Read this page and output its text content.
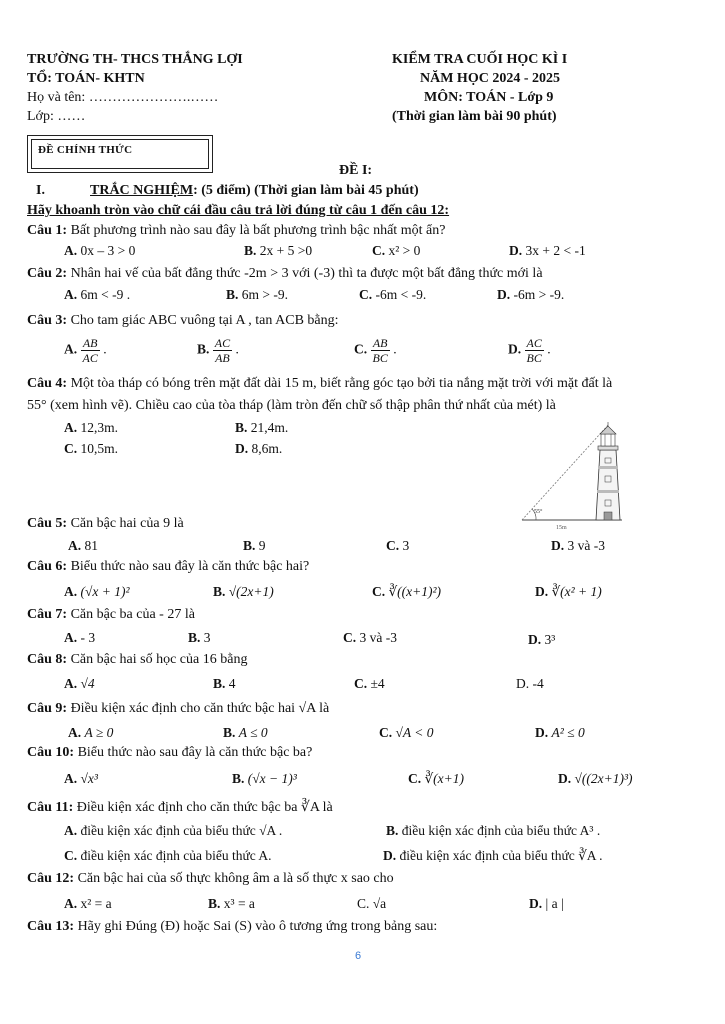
TRƯỜNG TH- THCS THẮNG LỢI
TỔ: TOÁN- KHTN
Họ và tên: ………………….……
Lớp: ……
KIỂM TRA CUỐI HỌC KÌ I
NĂM HỌC 2024 - 2025
MÔN: TOÁN - Lớp 9
(Thời gian làm bài 90 phút)
ĐỀ CHÍNH THỨC
ĐỀ I:
I.	TRẮC NGHIỆM: (5 điểm) (Thời gian làm bài 45 phút)
Hãy khoanh tròn vào chữ cái đầu câu trả lời đúng từ câu 1 đến câu 12:
Câu 1: Bất phương trình nào sau đây là bất phương trình bậc nhất một ẩn?
A. 0x – 3 > 0	B. 2x + 5 >0	C. x² > 0	D. 3x + 2 < -1
Câu 2: Nhân hai vế của bất đẳng thức -2m > 3 với (-3) thì ta được một bất đẳng thức mới là
A. 6m < -9 .	B. 6m > -9.	C. -6m < -9.	D. -6m > -9.
Câu 3: Cho tam giác ABC vuông tại A , tan ACB bằng:
A. $\frac{AB}{AC}$ .	B. $\frac{AC}{AB}$ .	C. $\frac{AB}{BC}$ .	D. $\frac{AC}{BC}$ .
Câu 4: Một tòa tháp có bóng trên mặt đất dài 15 m, biết rằng góc tạo bởi tia nắng mặt trời với mặt đất là
55° (xem hình vẽ). Chiều cao của tòa tháp (làm tròn đến chữ số thập phân thứ nhất của mét) là
A. 12,3m.	B. 21,4m.
C. 10,5m.	D. 8,6m.
55°
15m
Câu 5: Căn bậc hai của 9 là
A. 81	B. 9	C. 3	D. 3 và -3
Câu 6: Biểu thức nào sau đây là căn thức bậc hai?
A. (√x + 1)²	B. √(2x+1)	C. ∛((x+1)²)	D. ∛(x² + 1)
Câu 7: Căn bậc ba của - 27 là
A. - 3	B. 3	C. 3 và -3	D. 3³
Câu 8: Căn bậc hai số học của 16 bằng
A. √4	B. 4	C. ±4	D. -4
Câu 9: Điều kiện xác định cho căn thức bậc hai √A là
A. A ≥ 0	B. A ≤ 0	C. √A < 0	D. A² ≤ 0
Câu 10: Biểu thức nào sau đây là căn thức bậc ba?
A. √x³	B. (√x − 1)³	C. ∛(x+1)	D. √((2x+1)³)
Câu 11: Điều kiện xác định cho căn thức bậc ba ∛A là
A. điều kiện xác định của biểu thức √A .	B. điều kiện xác định của biểu thức A³ .
C. điều kiện xác định của biểu thức A.	D. điều kiện xác định của biểu thức ∛A .
Câu 12: Căn bậc hai của số thực không âm a là số thực x sao cho
A. x² = a	B. x³ = a	C. √a	D. | a |
Câu 13: Hãy ghi Đúng (Đ) hoặc Sai (S) vào ô tương ứng trong bảng sau:
6
